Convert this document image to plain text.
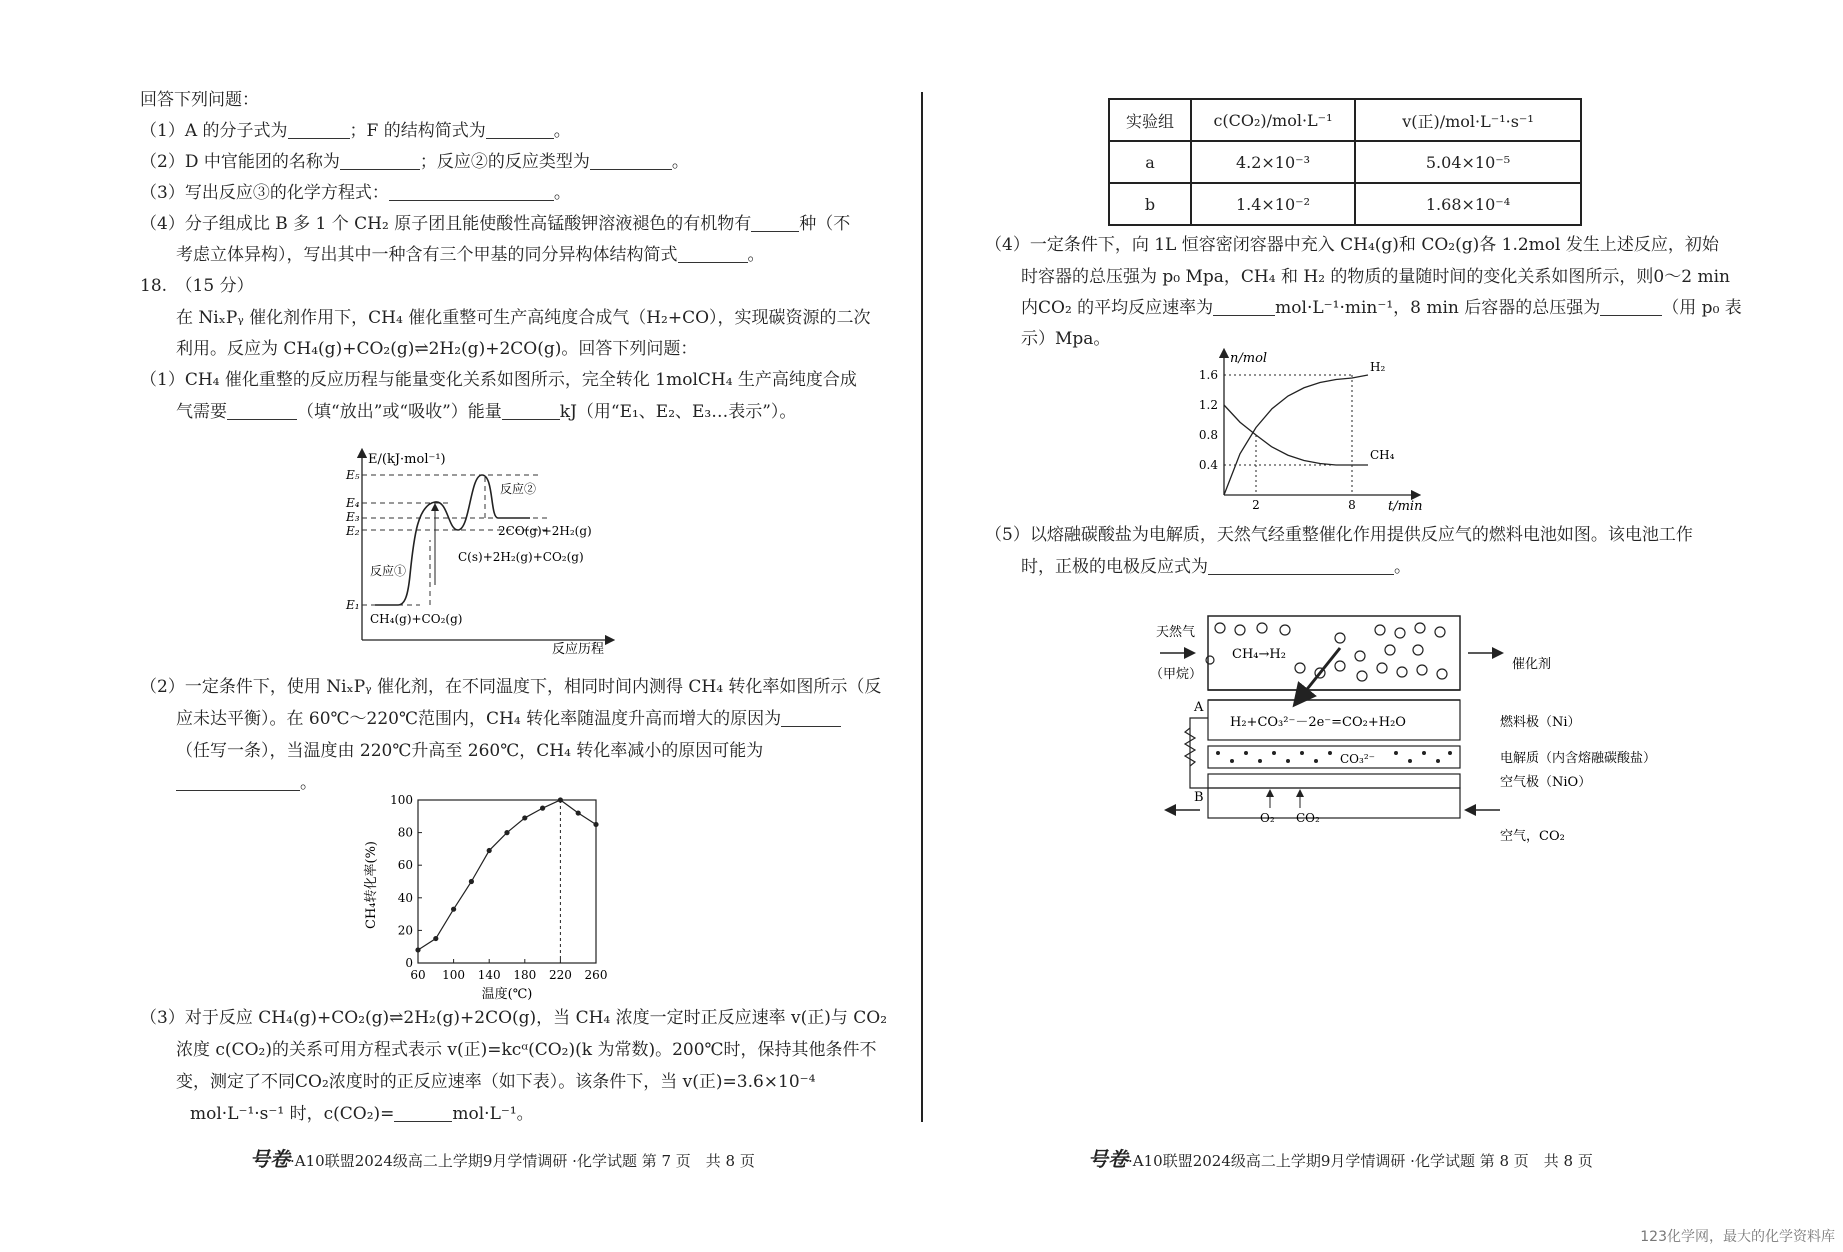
回答下列问题：
（1）A 的分子式为	；F 的结构简式为	。
（2）D 中官能团的名称为	；反应②的反应类型为	。
（3）写出反应③的化学方程式：	。
（4）分子组成比 B 多 1 个 CH₂ 原子团且能使酸性高锰酸钾溶液褪色的有机物有	种（不
考虑立体异构），写出其中一种含有三个甲基的同分异构体结构简式	。
18.　（15 分）
在 NiₓPᵧ 催化剂作用下，CH₄ 催化重整可生产高纯度合成气（H₂+CO），实现碳资源的二次
利用。反应为 CH₄(g)+CO₂(g)⇌2H₂(g)+2CO(g)。回答下列问题：
（1）CH₄ 催化重整的反应历程与能量变化关系如图所示，完全转化 1molCH₄ 生产高纯度合成
气需要	（填“放出”或“吸收”）能量	kJ（用“E₁、E₂、E₃…表示”）。
（2）一定条件下，使用 NiₓPᵧ 催化剂，在不同温度下，相同时间内测得 CH₄ 转化率如图所示（反
应未达平衡）。在 60℃～220℃范围内，CH₄ 转化率随温度升高而增大的原因为
（任写一条），当温度由 220℃升高至 260℃，CH₄ 转化率减小的原因可能为
。
（3）对于反应 CH₄(g)+CO₂(g)⇌2H₂(g)+2CO(g)，当 CH₄ 浓度一定时正反应速率 v(正)与 CO₂
浓度 c(CO₂)的关系可用方程式表示 v(正)=kcᵅ(CO₂)(k 为常数)。200℃时，保持其他条件不
变，测定了不同CO₂浓度时的正反应速率（如下表）。该条件下，当 v(正)=3.6×10⁻⁴
mol·L⁻¹·s⁻¹ 时，c(CO₂)=	mol·L⁻¹。
E/(kJ·mol⁻¹)
反应历程
E₅
E₄
E₃
E₂
E₁
反应①
反应②
2CO(g)+2H₂(g)
C(s)+2H₂(g)+CO₂(g)
CH₄(g)+CO₂(g)
CH₄转化率(%)
温度(℃)
0
20
40
60
80
100
60 100 140 180 220 260
实验组	c(CO₂)/mol·L⁻¹	v(正)/mol·L⁻¹·s⁻¹
a	4.2×10⁻³	5.04×10⁻⁵
b	1.4×10⁻²	1.68×10⁻⁴
（4）一定条件下，向 1L 恒容密闭容器中充入 CH₄(g)和 CO₂(g)各 1.2mol 发生上述反应，初始
时容器的总压强为 p₀ Mpa，CH₄ 和 H₂ 的物质的量随时间的变化关系如图所示，则0～2 min
内CO₂ 的平均反应速率为	mol·L⁻¹·min⁻¹，8 min 后容器的总压强为	（用 p₀ 表
示）Mpa。
（5）以熔融碳酸盐为电解质，天然气经重整催化作用提供反应气的燃料电池如图。该电池工作
时，正极的电极反应式为	。
n/mol
t/min
1.6
1.2
0.8
0.4
2	8
H₂
CH₄
天然气
（甲烷）
CH₄→H₂
催化剂
H₂+CO₃²⁻－2e⁻=CO₂+H₂O	燃料极（Ni）
CO₃²⁻	电解质（内含熔融碳酸盐）
空气极（NiO）
A
B
O₂ CO₂
空气，CO₂
号卷·A10联盟2024级高二上学期9月学情调研 ·化学试题 第 7 页　共 8 页	号卷·A10联盟2024级高二上学期9月学情调研 ·化学试题 第 8 页　共 8 页
123化学网，最大的化学资料库
